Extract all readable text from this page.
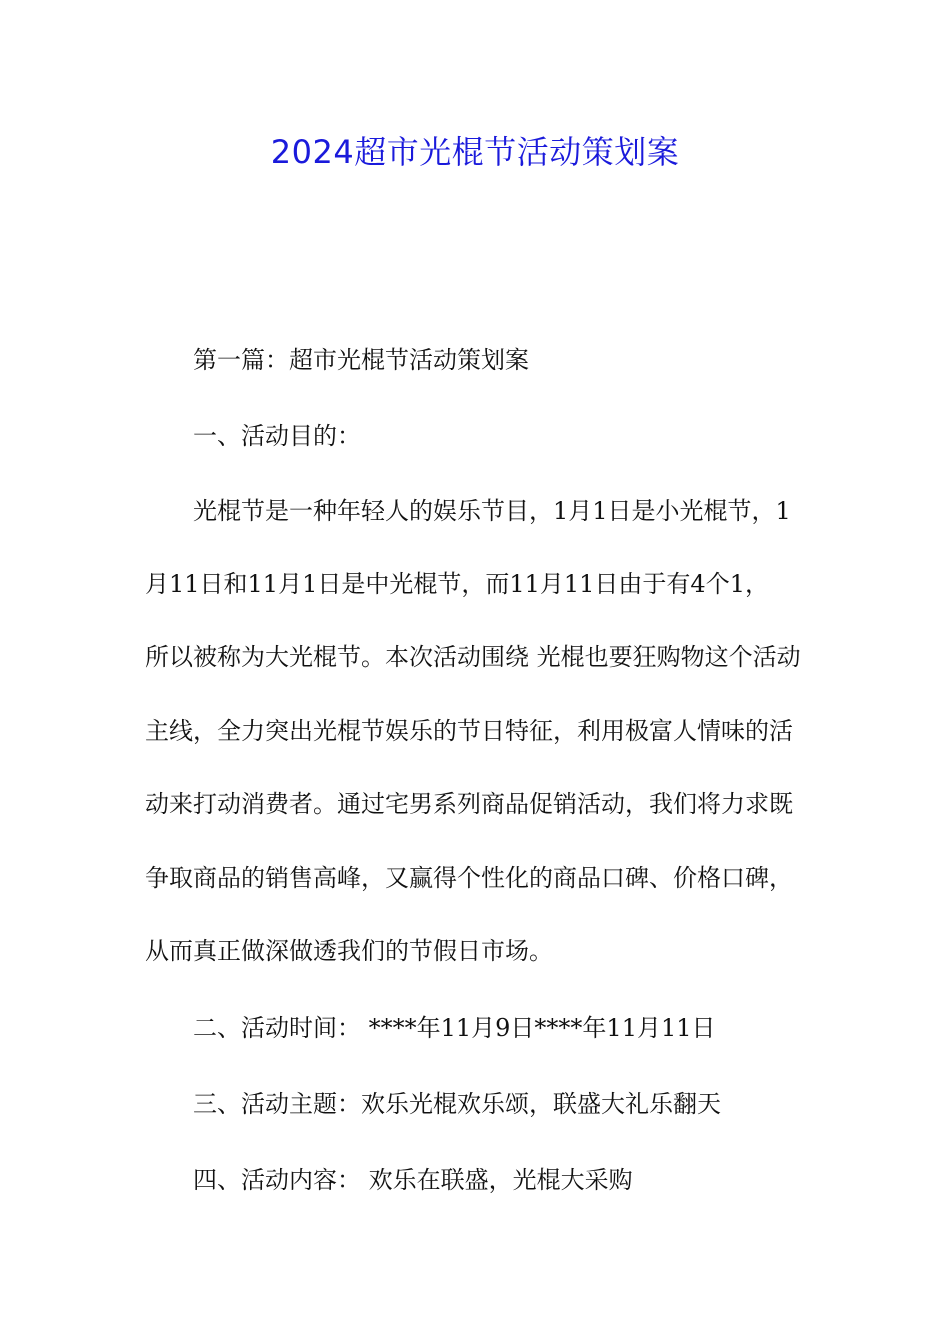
2024超市光棍节活动策划案

第一篇：超市光棍节活动策划案

一、活动目的：

光棍节是一种年轻人的娱乐节目，1月1日是小光棍节，1

月11日和11月1日是中光棍节，而11月11日由于有4个1，

所以被称为大光棍节。本次活动围绕 光棍也要狂购物这个活动

主线，全力突出光棍节娱乐的节日特征，利用极富人情味的活

动来打动消费者。通过宅男系列商品促销活动，我们将力求既

争取商品的销售高峰，又赢得个性化的商品口碑、价格口碑，

从而真正做深做透我们的节假日市场。

二、活动时间： ****年11月9日****年11月11日

三、活动主题：欢乐光棍欢乐颂，联盛大礼乐翻天

四、活动内容： 欢乐在联盛，光棍大采购
